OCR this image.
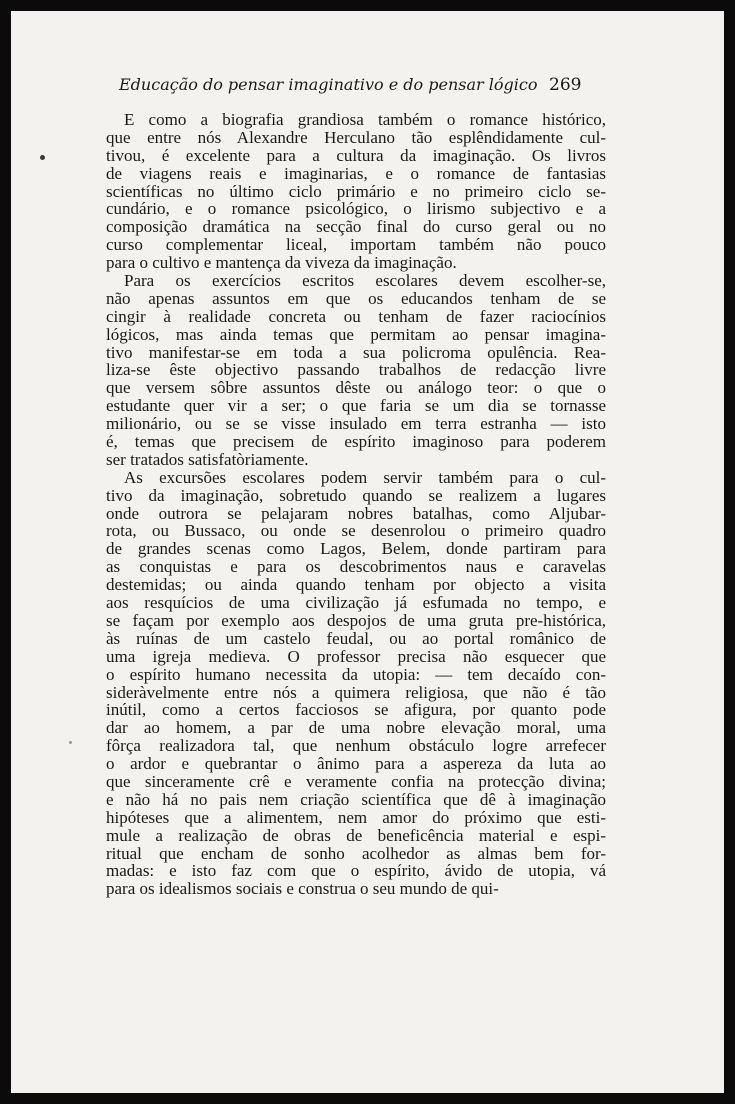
Educação do pensar imaginativo e do pensar lógico 269
E como a biografia grandiosa também o romance histórico,
que entre nós Alexandre Herculano tão esplêndidamente cul-
tivou, é excelente para a cultura da imaginação. Os livros
de viagens reais e imaginarias, e o romance de fantasias
scientíficas no último ciclo primário e no primeiro ciclo se-
cundário, e o romance psicológico, o lirismo subjectivo e a
composição dramática na secção final do curso geral ou no
curso complementar liceal, importam também não pouco
para o cultivo e mantença da viveza da imaginação.
Para os exercícios escritos escolares devem escolher-se,
não apenas assuntos em que os educandos tenham de se
cingir à realidade concreta ou tenham de fazer raciocínios
lógicos, mas ainda temas que permitam ao pensar imagina-
tivo manifestar-se em toda a sua policroma opulência. Rea-
liza-se êste objectivo passando trabalhos de redacção livre
que versem sôbre assuntos dêste ou análogo teor: o que o
estudante quer vir a ser; o que faria se um dia se tornasse
milionário, ou se se visse insulado em terra estranha — isto
é, temas que precisem de espírito imaginoso para poderem
ser tratados satisfatòriamente.
As excursões escolares podem servir também para o cul-
tivo da imaginação, sobretudo quando se realizem a lugares
onde outrora se pelajaram nobres batalhas, como Aljubar-
rota, ou Bussaco, ou onde se desenrolou o primeiro quadro
de grandes scenas como Lagos, Belem, donde partiram para
as conquistas e para os descobrimentos naus e caravelas
destemidas; ou ainda quando tenham por objecto a visita
aos resquícios de uma civilização já esfumada no tempo, e
se façam por exemplo aos despojos de uma gruta pre-histórica,
às ruínas de um castelo feudal, ou ao portal românico de
uma igreja medieva. O professor precisa não esquecer que
o espírito humano necessita da utopia: — tem decaído con-
sideràvelmente entre nós a quimera religiosa, que não é tão
inútil, como a certos facciosos se afigura, por quanto pode
dar ao homem, a par de uma nobre elevação moral, uma
fôrça realizadora tal, que nenhum obstáculo logre arrefecer
o ardor e quebrantar o ânimo para a aspereza da luta ao
que sinceramente crê e veramente confia na protecção divina;
e não há no pais nem criação scientífica que dê à imaginação
hipóteses que a alimentem, nem amor do próximo que esti-
mule a realização de obras de beneficência material e espi-
ritual que encham de sonho acolhedor as almas bem for-
madas: e isto faz com que o espírito, ávido de utopia, vá
para os idealismos sociais e construa o seu mundo de qui-
